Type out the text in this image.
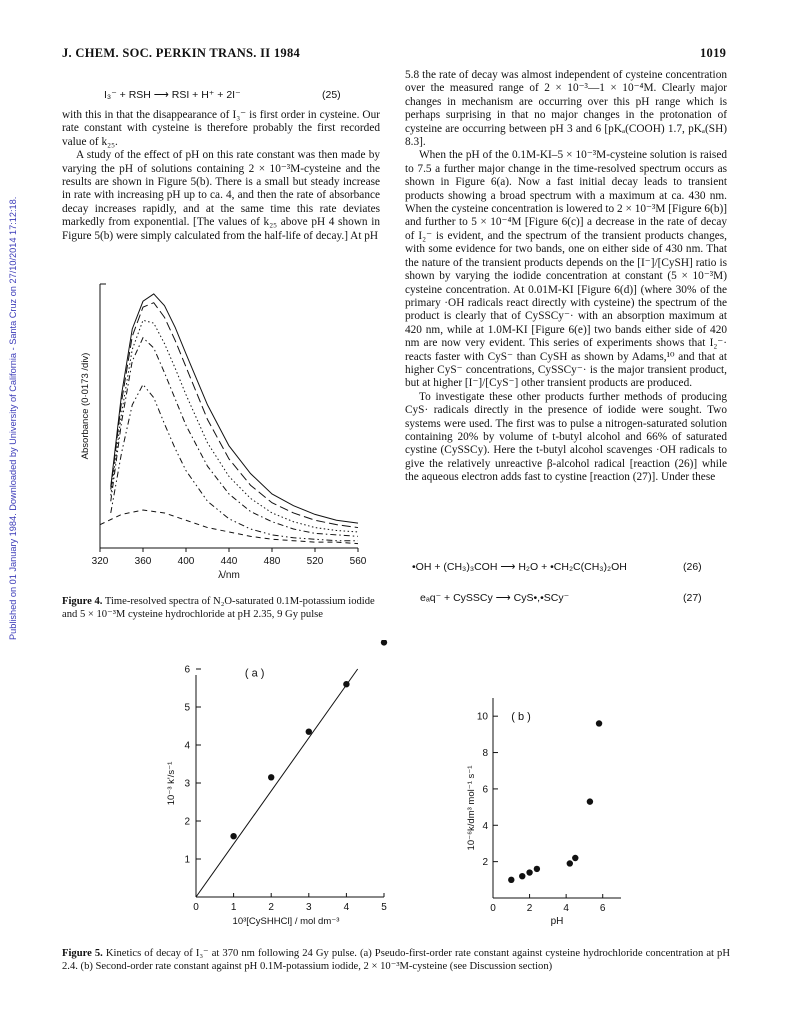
Published on 01 January 1984. Downloaded by University of California - Santa Cruz on 27/10/2014 17:12:18.
J. CHEM. SOC. PERKIN TRANS. II 1984	1019
I₃⁻ + RSH ⟶ RSI + H⁺ + 2I⁻	(25)

with this in that the disappearance of I₃⁻ is first order in cysteine. Our rate constant with cysteine is therefore probably the first recorded value of k₂₅.

A study of the effect of pH on this rate constant was then made by varying the pH of solutions containing 2 × 10⁻³M-cysteine and the results are shown in Figure 5(b). There is a small but steady increase in rate with increasing pH up to ca. 4, and then the rate of absorbance decay increases rapidly, and at the same time this rate deviates markedly from exponential. [The values of k₂₅ above pH 4 shown in Figure 5(b) were simply calculated from the half-life of decay.] At pH

5.8 the rate of decay was almost independent of cysteine concentration over the measured range of 2 × 10⁻³—1 × 10⁻⁴M. Clearly major changes in mechanism are occurring over this pH range which is perhaps surprising in that no major changes in the protonation of cysteine are occurring between pH 3 and 6 [pKₐ(COOH) 1.7, pKₐ(SH) 8.3].

When the pH of the 0.1M-KI–5 × 10⁻³M-cysteine solution is raised to 7.5 a further major change in the time-resolved spectrum occurs as shown in Figure 6(a). Now a fast initial decay leads to transient products showing a broad spectrum with a maximum at ca. 430 nm. When the cysteine concentration is lowered to 2 × 10⁻³M [Figure 6(b)] and further to 5 × 10⁻⁴M [Figure 6(c)] a decrease in the rate of decay of I₂⁻ is evident, and the spectrum of the transient products changes, with some evidence for two bands, one on either side of 430 nm. That the nature of the transient products depends on the [I⁻]/[CySH] ratio is shown by varying the iodide concentration at constant (5 × 10⁻³M) cysteine concentration. At 0.01M-KI [Figure 6(d)] (where 30% of the primary ·OH radicals react directly with cysteine) the spectrum of the product is clearly that of CySSCy⁻· with an absorption maximum at 420 nm, while at 1.0M-KI [Figure 6(e)] two bands either side of 420 nm are now very evident. This series of experiments shows that I₂⁻· reacts faster with CyS⁻ than CySH as shown by Adams,¹⁰ and that at higher CyS⁻ concentrations, CySSCy⁻· is the major transient product, but at higher [I⁻]/[CyS⁻] other transient products are produced.

To investigate these other products further methods of producing CyS· radicals directly in the presence of iodide were sought. Two systems were used. The first was to pulse a nitrogen-saturated solution containing 20% by volume of t-butyl alcohol and 66% of saturated cystine (CySSCy). Here the t-butyl alcohol scavenges ·OH radicals to give the relatively unreactive β-alcohol radical [reaction (26)] while the aqueous electron adds fast to cystine [reaction (27)]. Under these

•OH + (CH₃)₃COH ⟶ H₂O + •CH₂C(CH₃)₂OH	(26)
eₐq⁻ + CySSCy ⟶ CyS•,•SCy⁻	(27)
320	360	400	440	480	520	560
λ/nm
Absorbance (0·0173 /div)
Figure 4. Time-resolved spectra of N₂O-saturated 0.1M-potassium iodide and 5 × 10⁻³M cysteine hydrochloride at pH 2.35, 9 Gy pulse
0	1	2	3	4	5
1
2
3
4
5
6
10³[CySHHCl] / mol dm⁻³
10⁻³ k'/s⁻¹
( a )
0	2	4	6
2
4
6
8
10
pH
10⁻⁶k/dm³ mol⁻¹ s⁻¹
( b )
Figure 5. Kinetics of decay of I₃⁻ at 370 nm following 24 Gy pulse. (a) Pseudo-first-order rate constant against cysteine hydrochloride concentration at pH 2.4. (b) Second-order rate constant against pH 0.1M-potassium iodide, 2 × 10⁻³M-cysteine (see Discussion section)
